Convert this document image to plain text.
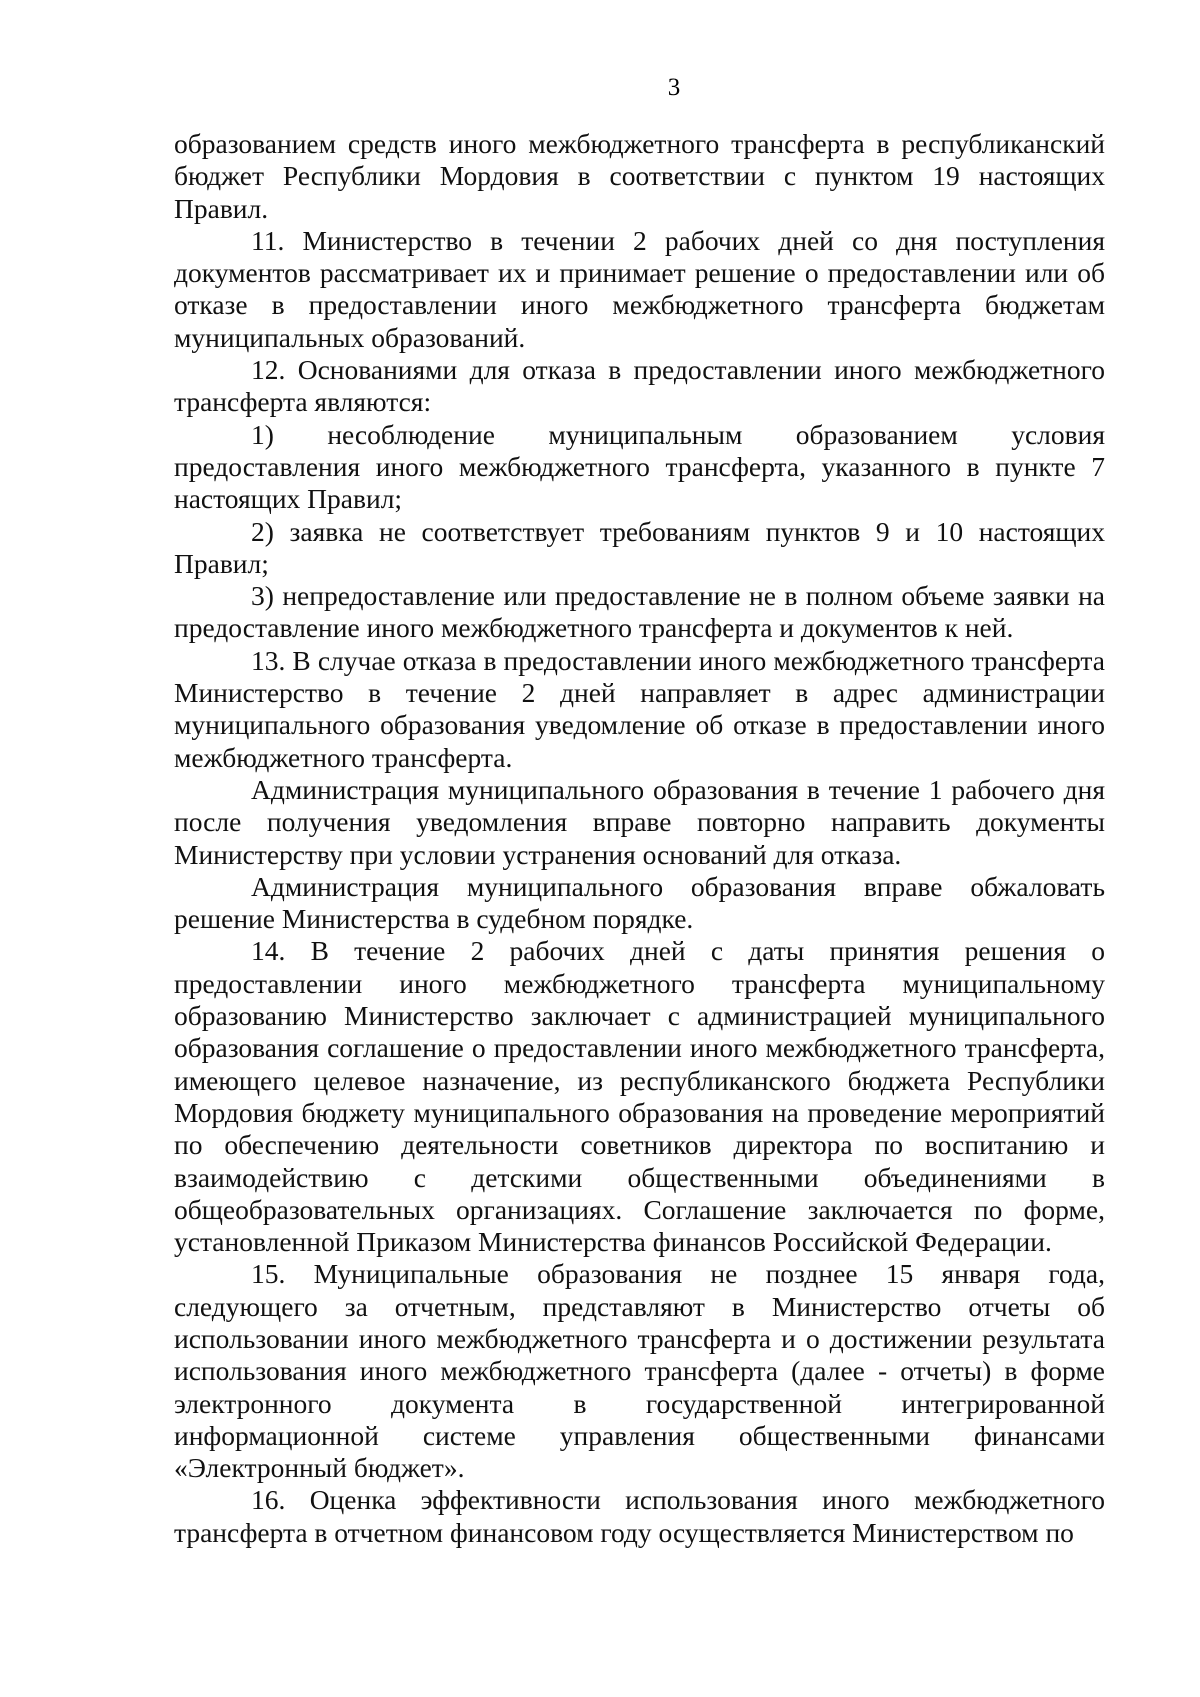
3

образованием средств иного межбюджетного трансферта в республиканский бюджет Республики Мордовия в соответствии с пунктом 19 настоящих Правил.

11. Министерство в течении 2 рабочих дней со дня поступления документов рассматривает их и принимает решение о предоставлении или об отказе в предоставлении иного межбюджетного трансферта бюджетам муниципальных образований.

12. Основаниями для отказа в предоставлении иного межбюджетного трансферта являются:

1) несоблюдение муниципальным образованием условия предоставления иного межбюджетного трансферта, указанного в пункте 7 настоящих Правил;

2) заявка не соответствует требованиям пунктов 9 и 10 настоящих Правил;

3) непредоставление или предоставление не в полном объеме заявки на предоставление иного межбюджетного трансферта и документов к ней.

13. В случае отказа в предоставлении иного межбюджетного трансферта Министерство в течение 2 дней направляет в адрес администрации муниципального образования уведомление об отказе в предоставлении иного межбюджетного трансферта.

Администрация муниципального образования в течение 1 рабочего дня после получения уведомления вправе повторно направить документы Министерству при условии устранения оснований для отказа.

Администрация муниципального образования вправе обжаловать решение Министерства в судебном порядке.

14. В течение 2 рабочих дней с даты принятия решения о предоставлении иного межбюджетного трансферта муниципальному образованию Министерство заключает с администрацией муниципального образования соглашение о предоставлении иного межбюджетного трансферта, имеющего целевое назначение, из республиканского бюджета Республики Мордовия бюджету муниципального образования на проведение мероприятий по обеспечению деятельности советников директора по воспитанию и взаимодействию с детскими общественными объединениями в общеобразовательных организациях. Соглашение заключается по форме, установленной Приказом Министерства финансов Российской Федерации.

15. Муниципальные образования не позднее 15 января года, следующего за отчетным, представляют в Министерство отчеты об использовании иного межбюджетного трансферта и о достижении результата использования иного межбюджетного трансферта (далее - отчеты) в форме электронного документа в государственной интегрированной информационной системе управления общественными финансами «Электронный бюджет».

16. Оценка эффективности использования иного межбюджетного трансферта в отчетном финансовом году осуществляется Министерством по
